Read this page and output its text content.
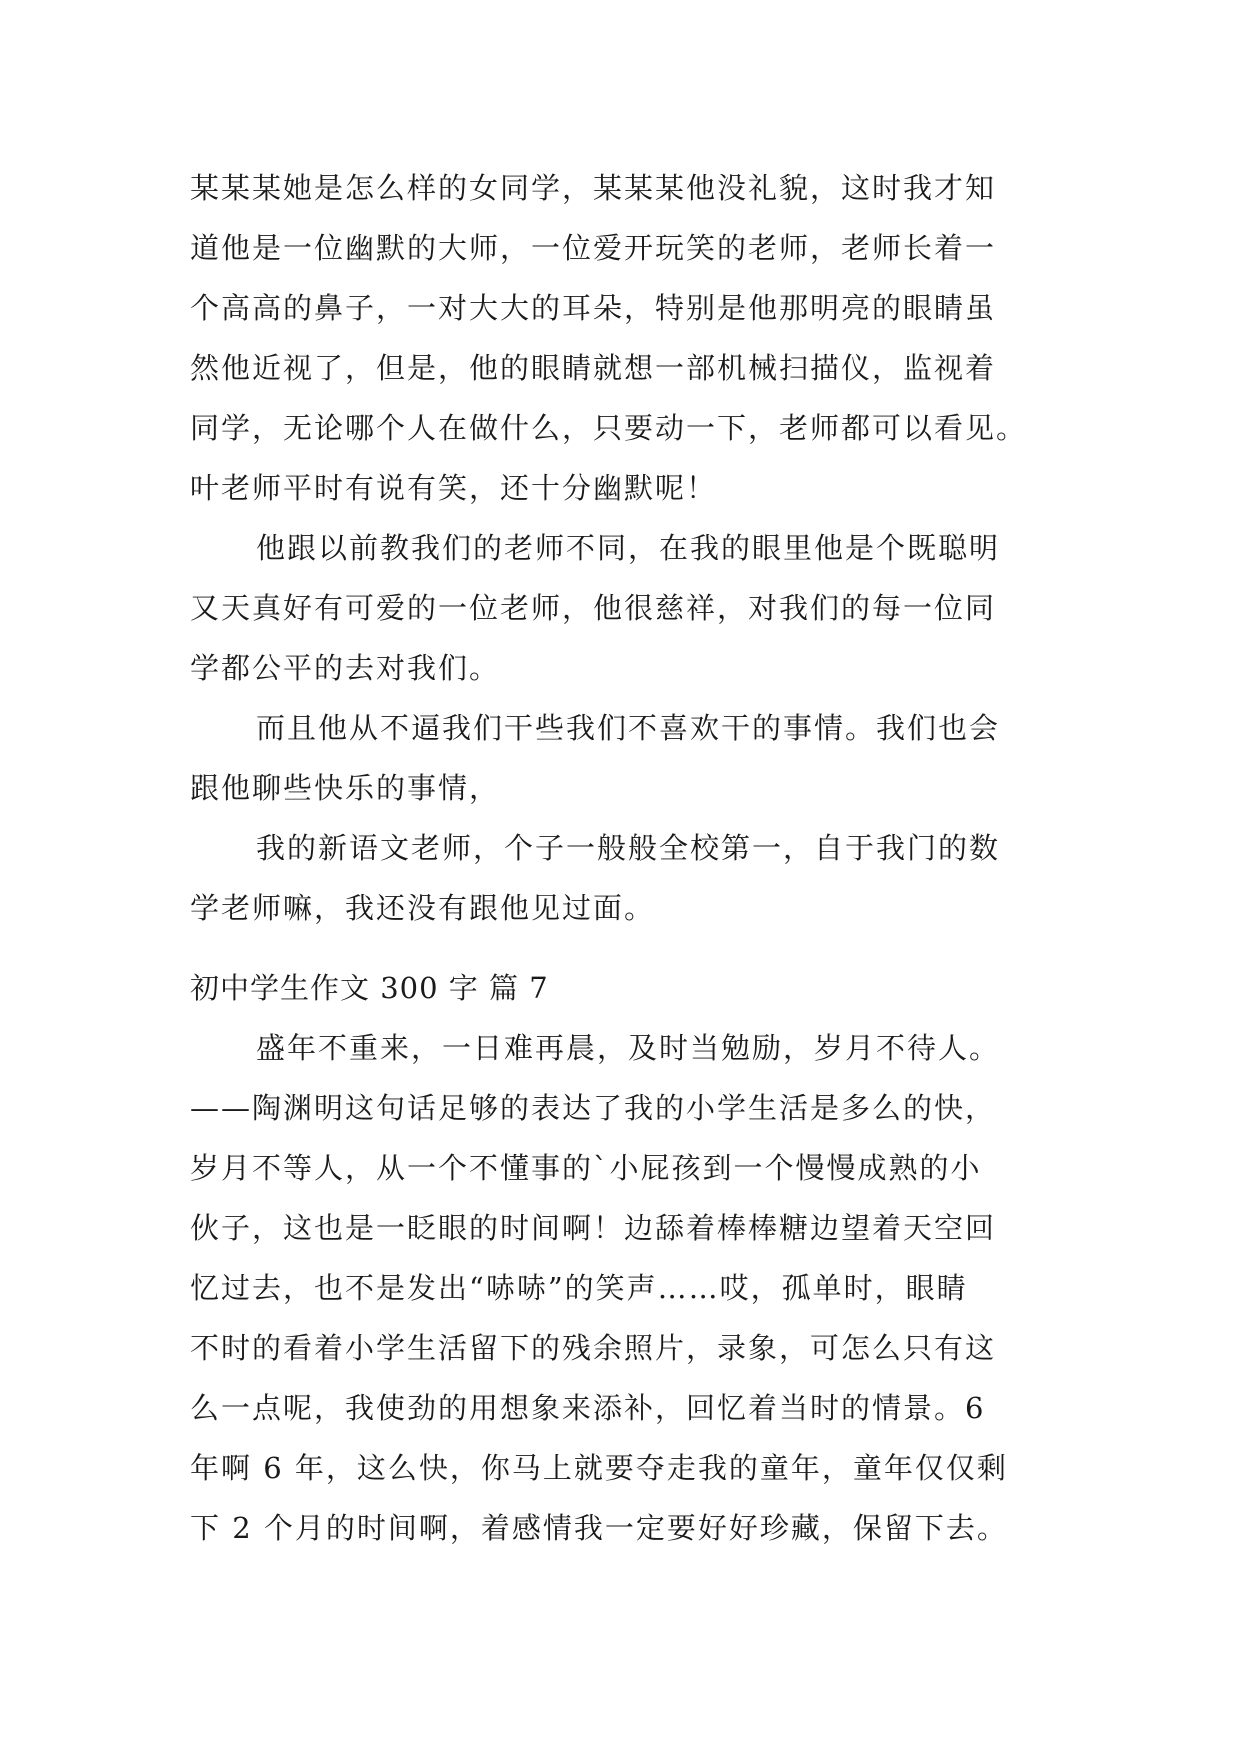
某某某她是怎么样的女同学，某某某他没礼貌，这时我才知
道他是一位幽默的大师，一位爱开玩笑的老师，老师长着一
个高高的鼻子，一对大大的耳朵，特别是他那明亮的眼睛虽
然他近视了，但是，他的眼睛就想一部机械扫描仪，监视着
同学，无论哪个人在做什么，只要动一下，老师都可以看见。
叶老师平时有说有笑，还十分幽默呢！
他跟以前教我们的老师不同，在我的眼里他是个既聪明
又天真好有可爱的一位老师，他很慈祥，对我们的每一位同
学都公平的去对我们。
而且他从不逼我们干些我们不喜欢干的事情。我们也会
跟他聊些快乐的事情，
我的新语文老师，个子一般般全校第一，自于我门的数
学老师嘛，我还没有跟他见过面。
初中学生作文 300 字 篇 7
盛年不重来，一日难再晨，及时当勉励，岁月不待人。
——陶渊明这句话足够的表达了我的小学生活是多么的快，
岁月不等人，从一个不懂事的`小屁孩到一个慢慢成熟的小
伙子，这也是一眨眼的时间啊！边舔着棒棒糖边望着天空回
忆过去，也不是发出“哧哧”的笑声……哎，孤单时，眼睛
不时的看着小学生活留下的残余照片，录象，可怎么只有这
么一点呢，我使劲的用想象来添补，回忆着当时的情景。6
年啊 6 年，这么快，你马上就要夺走我的童年，童年仅仅剩
下 2 个月的时间啊，着感情我一定要好好珍藏，保留下去。
